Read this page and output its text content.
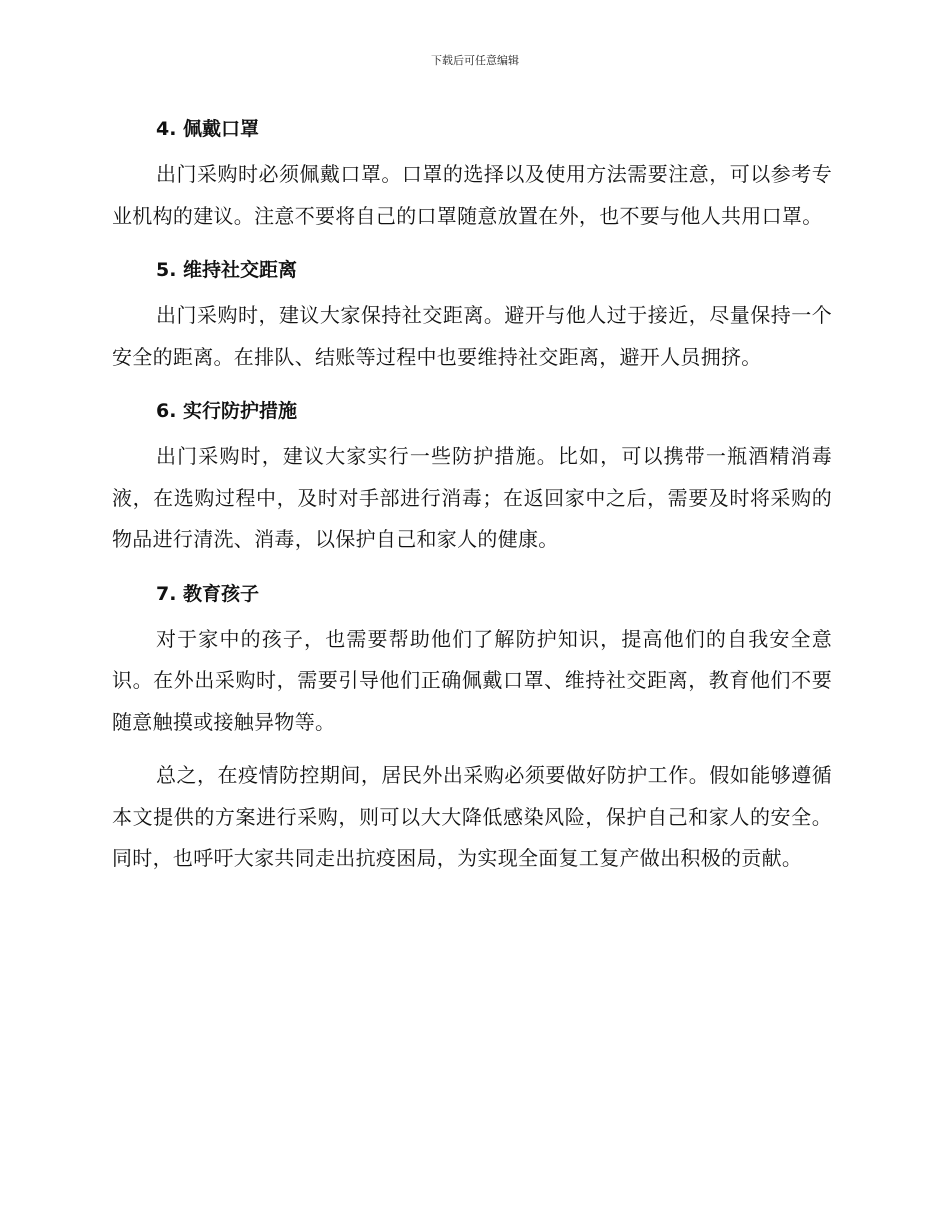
下载后可任意编辑
4. 佩戴口罩

出门采购时必须佩戴口罩。口罩的选择以及使用方法需要注意，可以参考专业机构的建议。注意不要将自己的口罩随意放置在外，也不要与他人共用口罩。

5. 维持社交距离

出门采购时，建议大家保持社交距离。避开与他人过于接近，尽量保持一个安全的距离。在排队、结账等过程中也要维持社交距离，避开人员拥挤。

6. 实行防护措施

出门采购时，建议大家实行一些防护措施。比如，可以携带一瓶酒精消毒液，在选购过程中，及时对手部进行消毒；在返回家中之后，需要及时将采购的物品进行清洗、消毒，以保护自己和家人的健康。

7. 教育孩子

对于家中的孩子，也需要帮助他们了解防护知识，提高他们的自我安全意识。在外出采购时，需要引导他们正确佩戴口罩、维持社交距离，教育他们不要随意触摸或接触异物等。

总之，在疫情防控期间，居民外出采购必须要做好防护工作。假如能够遵循本文提供的方案进行采购，则可以大大降低感染风险，保护自己和家人的安全。同时，也呼吁大家共同走出抗疫困局，为实现全面复工复产做出积极的贡献。
